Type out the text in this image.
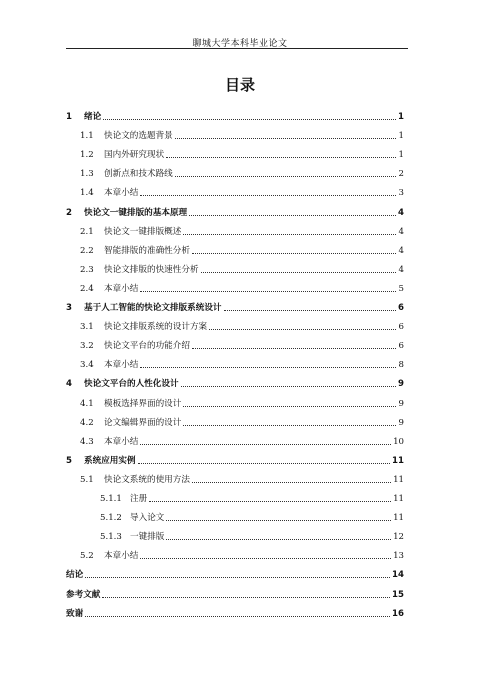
聊城大学本科毕业论文
目录
1	绪论	1
1.1	快论文的选题背景	1
1.2	国内外研究现状	1
1.3	创新点和技术路线	2
1.4	本章小结	3
2	快论文一键排版的基本原理	4
2.1	快论文一键排版概述	4
2.2	智能排版的准确性分析	4
2.3	快论文排版的快速性分析	4
2.4	本章小结	5
3	基于人工智能的快论文排版系统设计	6
3.1	快论文排版系统的设计方案	6
3.2	快论文平台的功能介绍	6
3.4	本章小结	8
4	快论文平台的人性化设计	9
4.1	模板选择界面的设计	9
4.2	论文编辑界面的设计	9
4.3	本章小结	10
5	系统应用实例	11
5.1	快论文系统的使用方法	11
5.1.1 注册	11
5.1.2 导入论文	11
5.1.3 一键排版	12
5.2	本章小结	13
结论	14
参考文献	15
致谢	16
